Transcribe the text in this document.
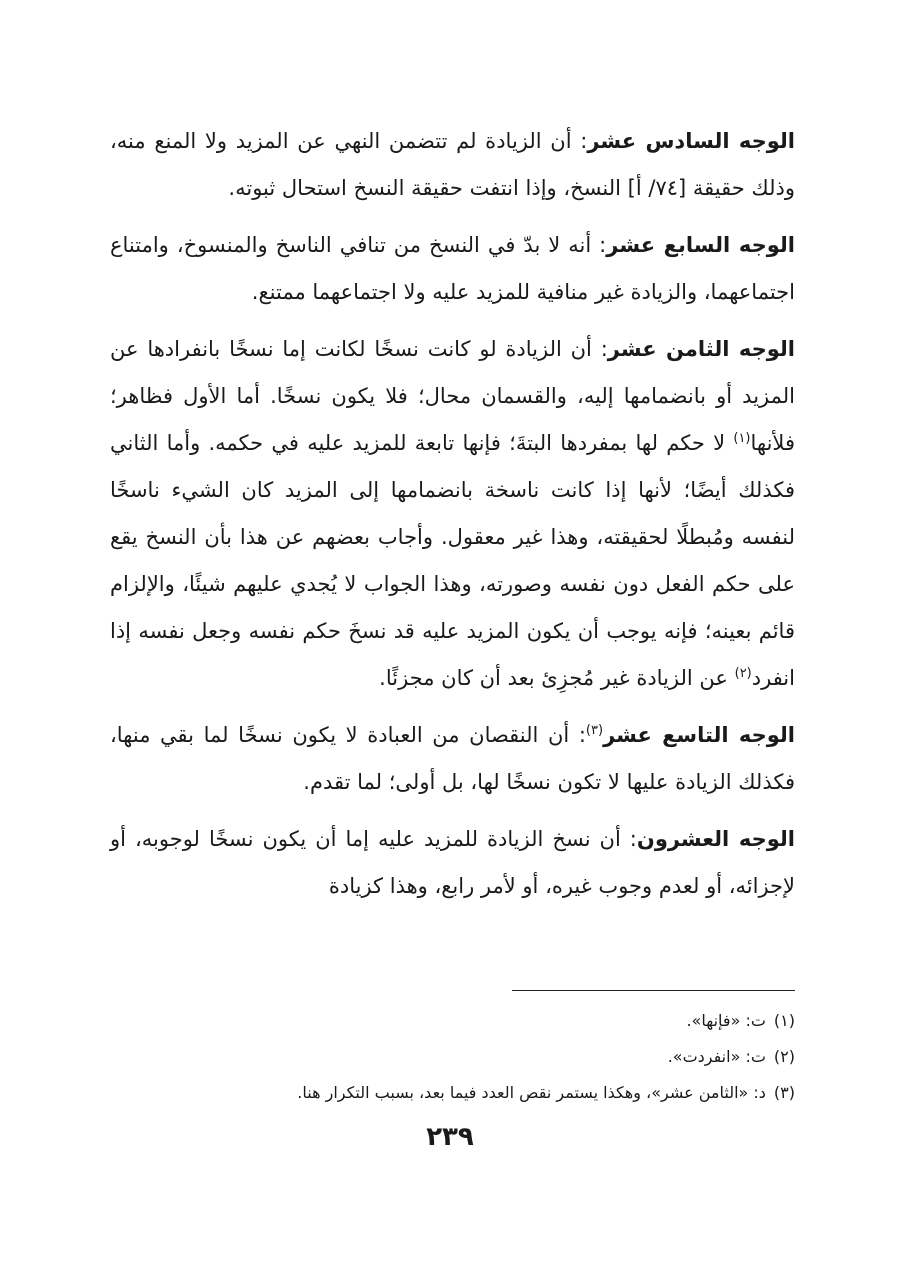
الوجه السادس عشر: أن الزيادة لم تتضمن النهي عن المزيد ولا المنع منه، وذلك حقيقة [٧٤/ أ] النسخ، وإذا انتفت حقيقة النسخ استحال ثبوته.

الوجه السابع عشر: أنه لا بدّ في النسخ من تنافي الناسخ والمنسوخ، وامتناع اجتماعهما، والزيادة غير منافية للمزيد عليه ولا اجتماعهما ممتنع.

الوجه الثامن عشر: أن الزيادة لو كانت نسخًا لكانت إما نسخًا بانفرادها عن المزيد أو بانضمامها إليه، والقسمان محال؛ فلا يكون نسخًا. أما الأول فظاهر؛ فلأنها$^{(١)}$ لا حكم لها بمفردها البتةَ؛ فإنها تابعة للمزيد عليه في حكمه. وأما الثاني فكذلك أيضًا؛ لأنها إذا كانت ناسخة بانضمامها إلى المزيد كان الشيء ناسخًا لنفسه ومُبطلًا لحقيقته، وهذا غير معقول. وأجاب بعضهم عن هذا بأن النسخ يقع على حكم الفعل دون نفسه وصورته، وهذا الجواب لا يُجدي عليهم شيئًا، والإلزام قائم بعينه؛ فإنه يوجب أن يكون المزيد عليه قد نسخَ حكم نفسه وجعل نفسه إذا انفرد$^{(٢)}$ عن الزيادة غير مُجزِئ بعد أن كان مجزئًا.

الوجه التاسع عشر$^{(٣)}$: أن النقصان من العبادة لا يكون نسخًا لما بقي منها، فكذلك الزيادة عليها لا تكون نسخًا لها، بل أولى؛ لما تقدم.

الوجه العشرون: أن نسخ الزيادة للمزيد عليه إما أن يكون نسخًا لوجوبه، أو لإجزائه، أو لعدم وجوب غيره، أو لأمر رابع، وهذا كزيادة

(١)ت: «فإنها».
(٢)ت: «انفردت».
(٣)د: «الثامن عشر»، وهكذا يستمر نقص العدد فيما بعد، بسبب التكرار هنا.
٢٣٩
